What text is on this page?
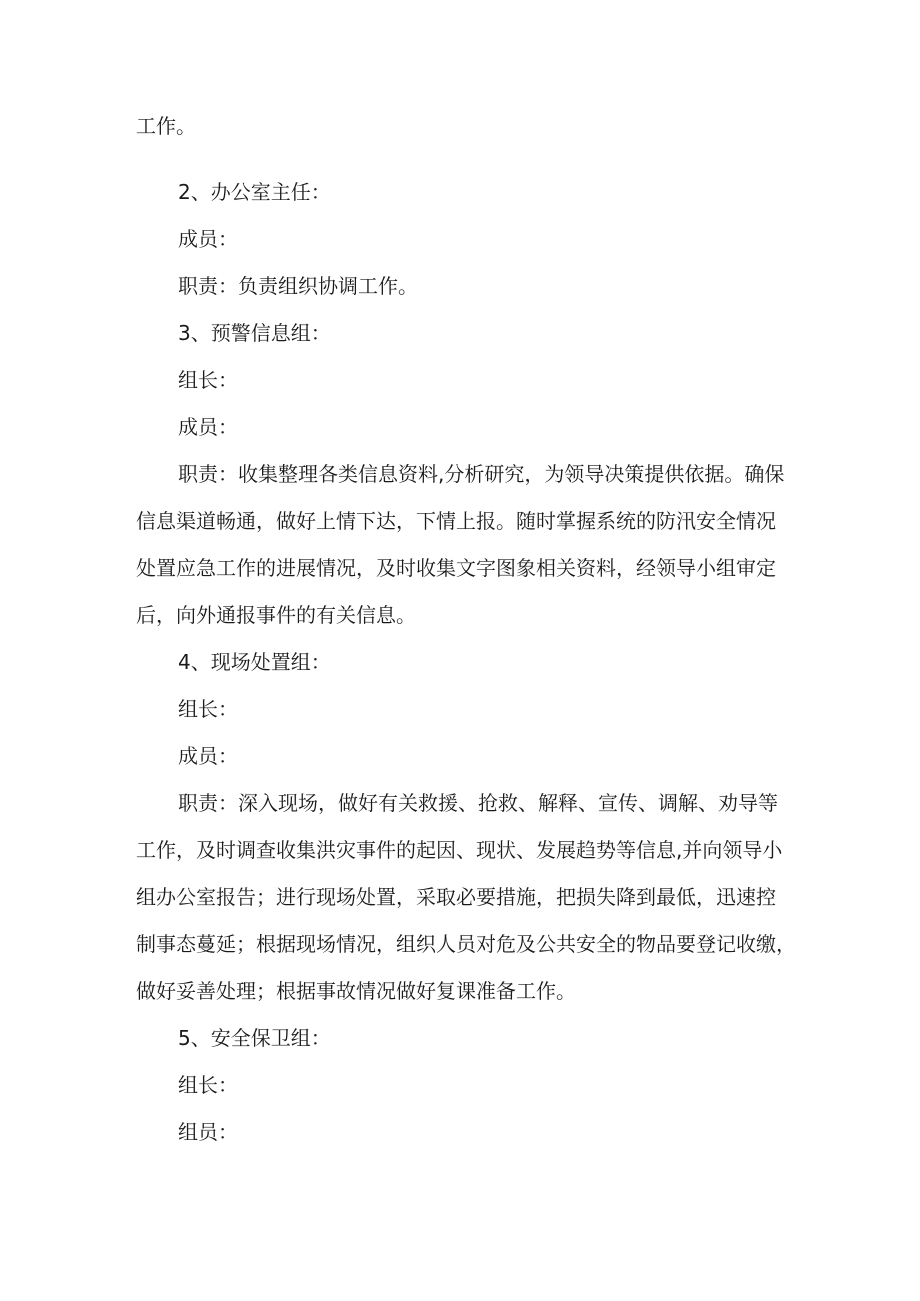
工作。

2、办公室主任：

成员：

职责：负责组织协调工作。

3、预警信息组：

组长：

成员：

职责：收集整理各类信息资料,分析研究，为领导决策提供依据。确保
信息渠道畅通，做好上情下达，下情上报。随时掌握系统的防汛安全情况
处置应急工作的进展情况，及时收集文字图象相关资料，经领导小组审定
后，向外通报事件的有关信息。

4、现场处置组：

组长：

成员：

职责：深入现场，做好有关救援、抢救、解释、宣传、调解、劝导等
工作，及时调查收集洪灾事件的起因、现状、发展趋势等信息,并向领导小
组办公室报告；进行现场处置，采取必要措施，把损失降到最低，迅速控
制事态蔓延；根据现场情况，组织人员对危及公共安全的物品要登记收缴，
做好妥善处理；根据事故情况做好复课准备工作。

5、安全保卫组：

组长：

组员：
